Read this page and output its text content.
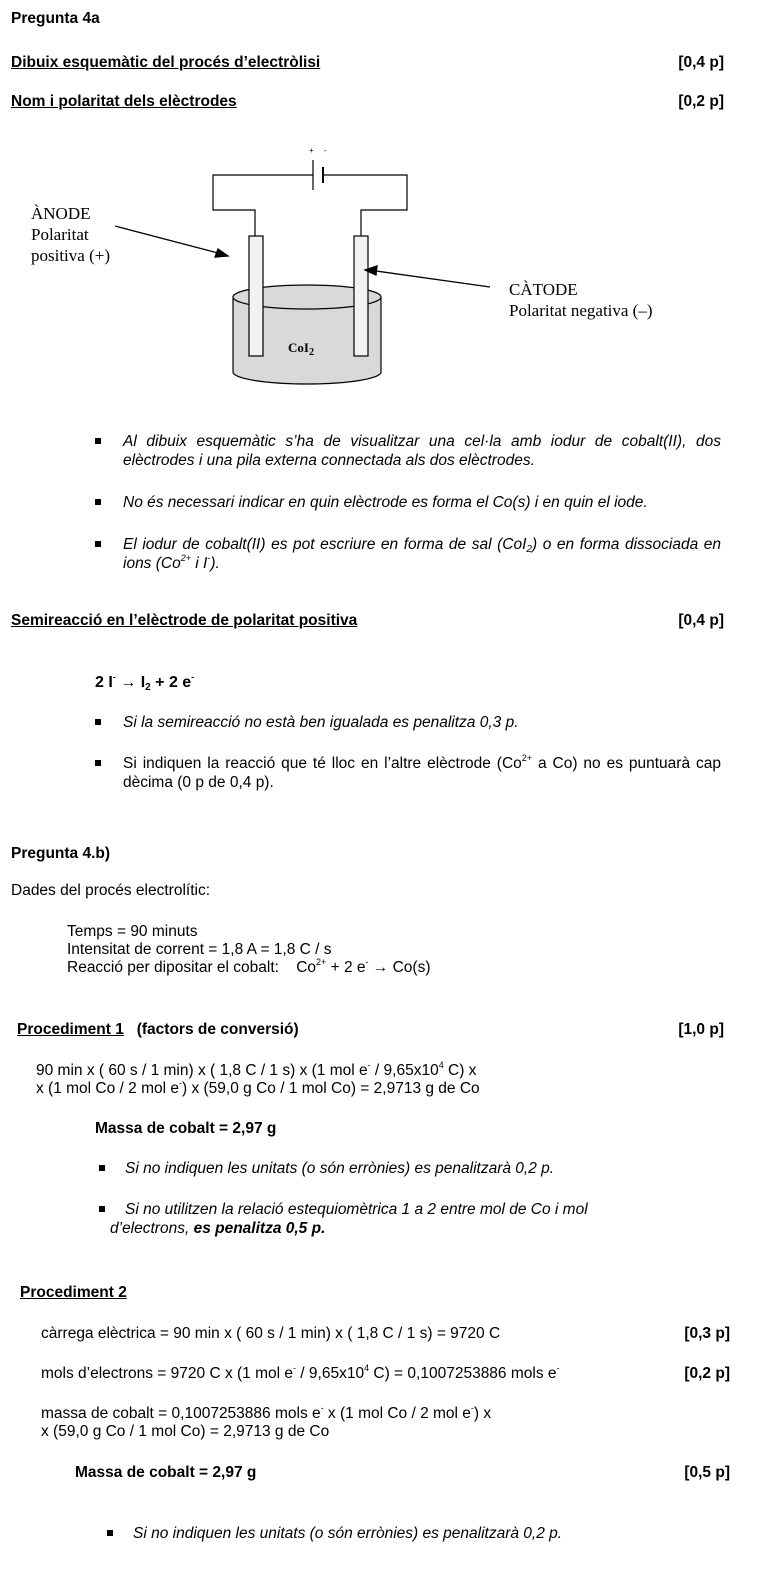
Pregunta 4a
Dibuix esquemàtic del procés d’electròlisi	[0,4 p]
Nom i polaritat dels elèctrodes	[0,2 p]
+ -
ÀNODE
Polaritat
positiva (+)
CÀTODE
Polaritat negativa (–)
CoI$_2$
Al dibuix esquemàtic s’ha de visualitzar una cel·la amb iodur de cobalt(II), dos elèctrodes i una pila externa connectada als dos elèctrodes.
No és necessari indicar en quin elèctrode es forma el Co(s) i en quin el iode.
El iodur de cobalt(II) es pot escriure en forma de sal (CoI$_2$) o en forma dissociada en ions ($Co^{2+}$ i I-).
Semireacció en l’elèctrode de polaritat positiva	[0,4 p]
2 $I^- \to I_2 + 2$ e-
Si la semireacció no està ben igualada es penalitza 0,3 p.
Si indiquen la reacció que té lloc en l’altre elèctrode ($Co^{2+}$ a Co) no es puntuarà cap dècima (0 p de 0,4 p).
Pregunta 4.b)
Dades del procés electrolític:
Temps = 90 minuts
Intensitat de corrent = 1,8 A = 1,8 C / s
Reacció per dipositar el cobalt: $Co^{2+} + 2$ e- → Co(s)
Procediment 1 (factors de conversió)	[1,0 p]
90 min x ( 60 s / 1 min) x ( 1,8 C / 1 s) x (1 mol $e^- / 9,65x10^4$ C) x
x (1 mol Co / 2 mol e-) x (59,0 g Co / 1 mol Co) = 2,9713 g de Co
Massa de cobalt = 2,97 g
Si no indiquen les unitats (o són errònies) es penalitzarà 0,2 p.
Si no utilitzen la relació estequiomètrica 1 a 2 entre mol de Co i mol d’electrons, es penalitza 0,5 p.
Procediment 2
càrrega elèctrica = 90 min x ( 60 s / 1 min) x ( 1,8 C / 1 s) = 9720 C	[0,3 p]
mols d’electrons = 9720 C x (1 mol $e^- / 9,65x10^4$ C) = 0,1007253886 mols e-	[0,2 p]
massa de cobalt = 0,1007253886 mols e- x (1 mol Co / 2 mol e-) x
x (59,0 g Co / 1 mol Co) = 2,9713 g de Co
Massa de cobalt = 2,97 g	[0,5 p]
Si no indiquen les unitats (o són errònies) es penalitzarà 0,2 p.
